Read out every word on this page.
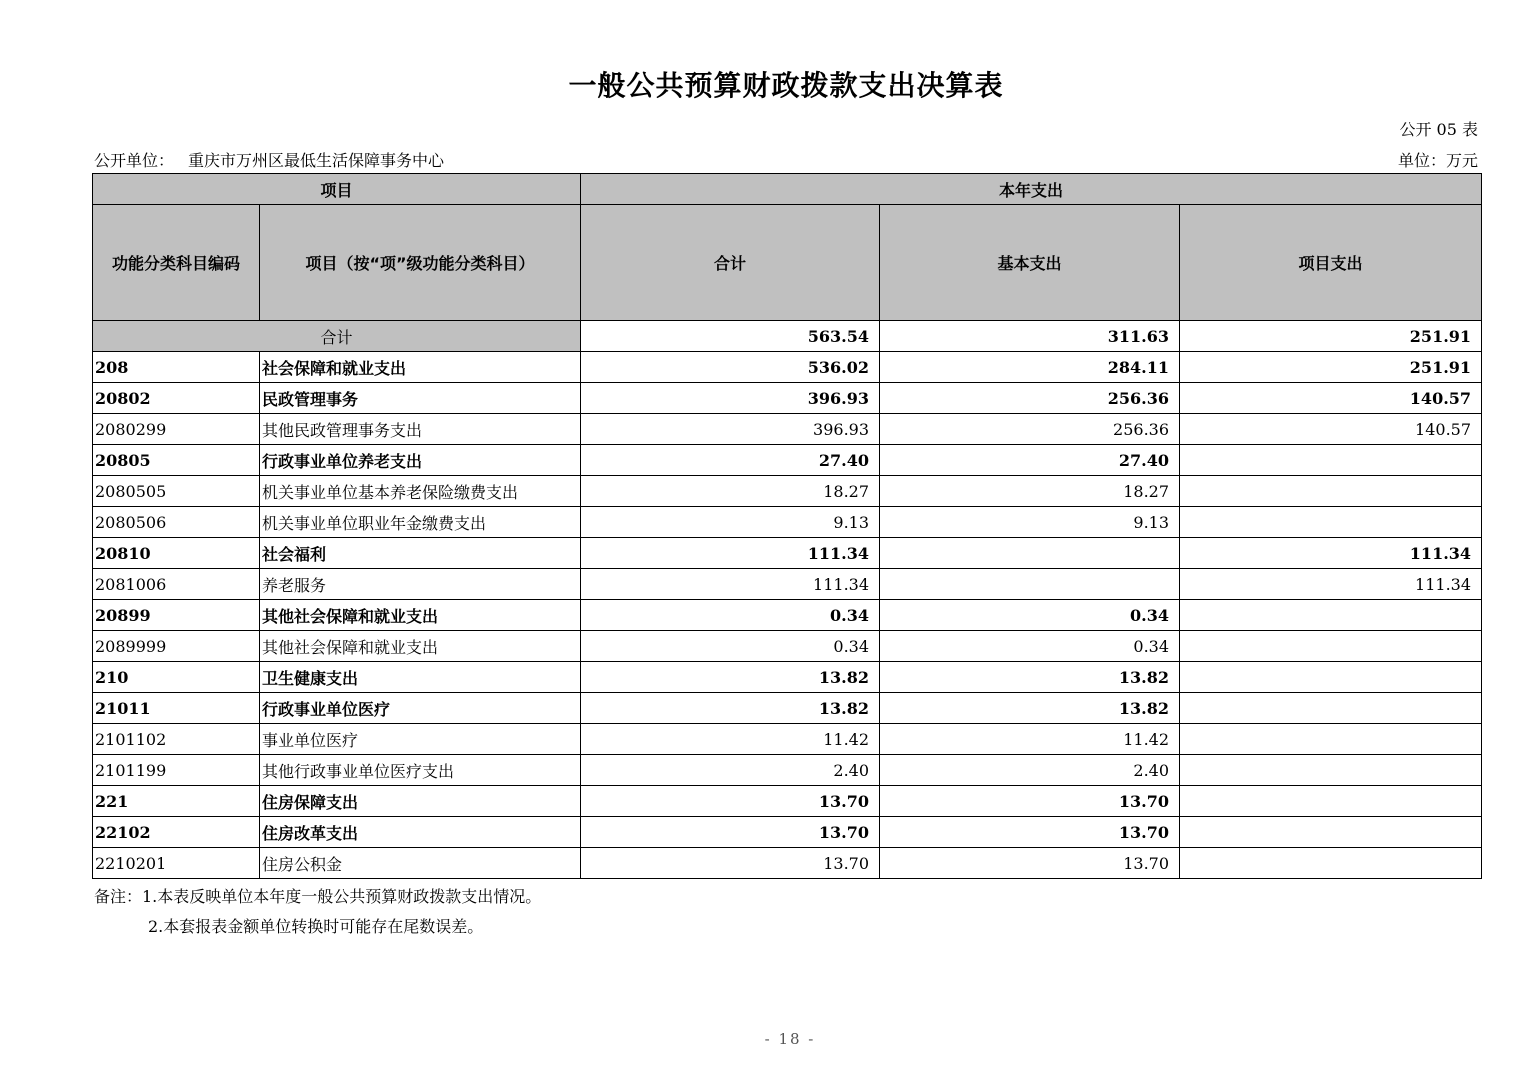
一般公共预算财政拨款支出决算表
公开 05 表
公开单位： 重庆市万州区最低生活保障事务中心	单位：万元
项目		本年支出		
功能分类科目编码	项目（按“项”级功能分类科目）	合计	基本支出	项目支出
合计		563.54	311.63	251.91
208	社会保障和就业支出	536.02	284.11	251.91
20802	民政管理事务	396.93	256.36	140.57
2080299	其他民政管理事务支出	396.93	256.36	140.57
20805	行政事业单位养老支出	27.40	27.40	
2080505	机关事业单位基本养老保险缴费支出	18.27	18.27	
2080506	机关事业单位职业年金缴费支出	9.13	9.13	
20810	社会福利	111.34		111.34
2081006	养老服务	111.34		111.34
20899	其他社会保障和就业支出	0.34	0.34	
2089999	其他社会保障和就业支出	0.34	0.34	
210	卫生健康支出	13.82	13.82	
21011	行政事业单位医疗	13.82	13.82	
2101102	事业单位医疗	11.42	11.42	
2101199	其他行政事业单位医疗支出	2.40	2.40	
221	住房保障支出	13.70	13.70	
22102	住房改革支出	13.70	13.70	
2210201	住房公积金	13.70	13.70	
备注：1.本表反映单位本年度一般公共预算财政拨款支出情况。
2.本套报表金额单位转换时可能存在尾数误差。
- 18 -
